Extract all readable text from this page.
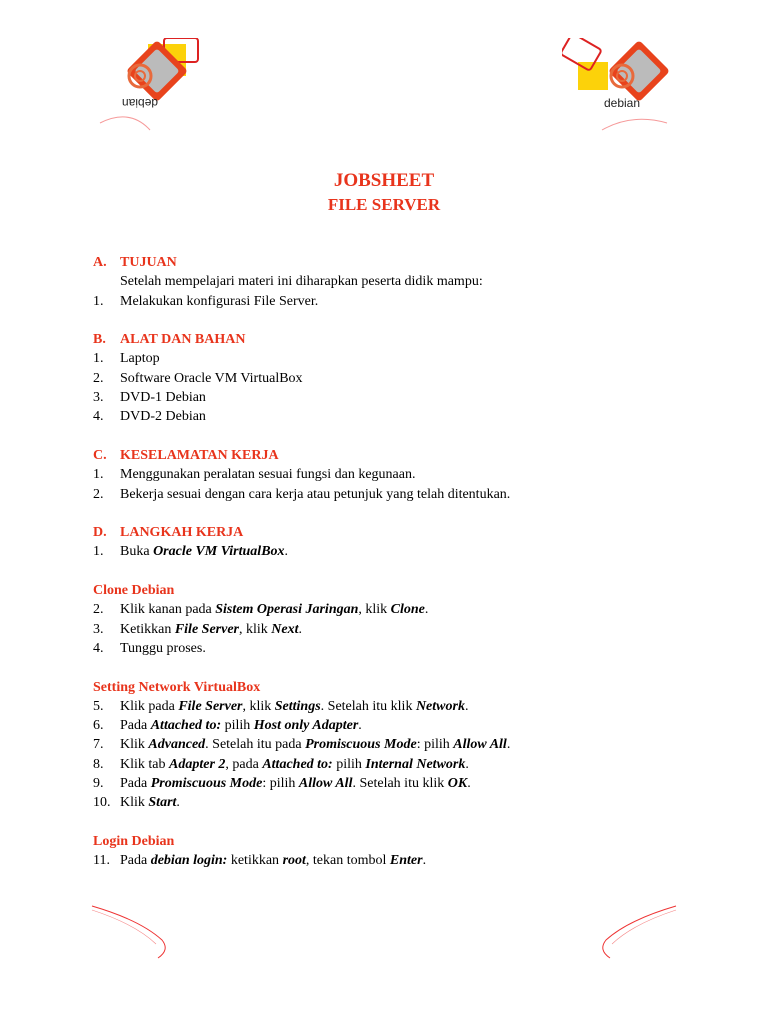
debian	debian
JOBSHEET
FILE SERVER
A. TUJUAN
Setelah mempelajari materi ini diharapkan peserta didik mampu:
1. Melakukan konfigurasi File Server.
B. ALAT DAN BAHAN
1. Laptop
2. Software Oracle VM VirtualBox
3. DVD-1 Debian
4. DVD-2 Debian
C. KESELAMATAN KERJA
1. Menggunakan peralatan sesuai fungsi dan kegunaan.
2. Bekerja sesuai dengan cara kerja atau petunjuk yang telah ditentukan.
D. LANGKAH KERJA
1. Buka Oracle VM VirtualBox.
Clone Debian
2. Klik kanan pada Sistem Operasi Jaringan, klik Clone.
3. Ketikkan File Server, klik Next.
4. Tunggu proses.
Setting Network VirtualBox
5. Klik pada File Server, klik Settings. Setelah itu klik Network.
6. Pada Attached to: pilih Host only Adapter.
7. Klik Advanced. Setelah itu pada Promiscuous Mode: pilih Allow All.
8. Klik tab Adapter 2, pada Attached to: pilih Internal Network.
9. Pada Promiscuous Mode: pilih Allow All. Setelah itu klik OK.
10. Klik Start.
Login Debian
11. Pada debian login: ketikkan root, tekan tombol Enter.
